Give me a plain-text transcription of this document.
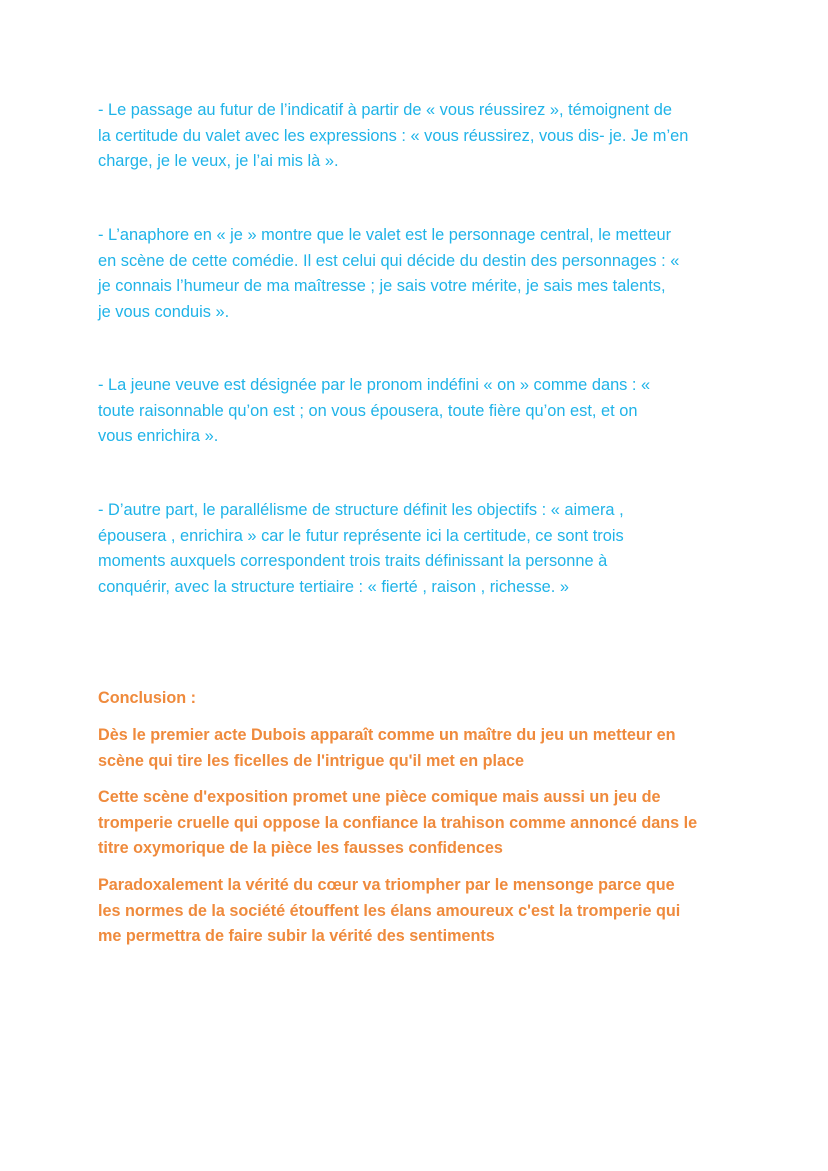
- Le passage au futur de l’indicatif à partir de « vous réussirez », témoignent de
la certitude du valet avec les expressions : « vous réussirez, vous dis- je. Je m’en
charge, je le veux, je l’ai mis là ».
- L’anaphore en « je » montre que le valet est le personnage central, le metteur
en scène de cette comédie. Il est celui qui décide du destin des personnages : «
je connais l’humeur de ma maîtresse ; je sais votre mérite, je sais mes talents,
je vous conduis ».
- La jeune veuve est désignée par le pronom indéfini « on » comme dans : «
toute raisonnable qu’on est ; on vous épousera, toute fière qu’on est, et on
vous enrichira ».
- D’autre part, le parallélisme de structure définit les objectifs : « aimera ,
épousera , enrichira » car le futur représente ici la certitude, ce sont trois
moments auxquels correspondent trois traits définissant la personne à
conquérir, avec la structure tertiaire : « fierté , raison , richesse. »
Conclusion :
Dès le premier acte Dubois apparaît comme un maître du jeu un metteur en
scène qui tire les ficelles de l'intrigue qu'il met en place
Cette scène d'exposition promet une pièce comique mais aussi un jeu de
tromperie cruelle qui oppose la confiance la trahison comme annoncé dans le
titre oxymorique de la pièce les fausses confidences
Paradoxalement la vérité du cœur va triompher par le mensonge parce que
les normes de la société étouffent les élans amoureux c'est la tromperie qui
me permettra de faire subir la vérité des sentiments
